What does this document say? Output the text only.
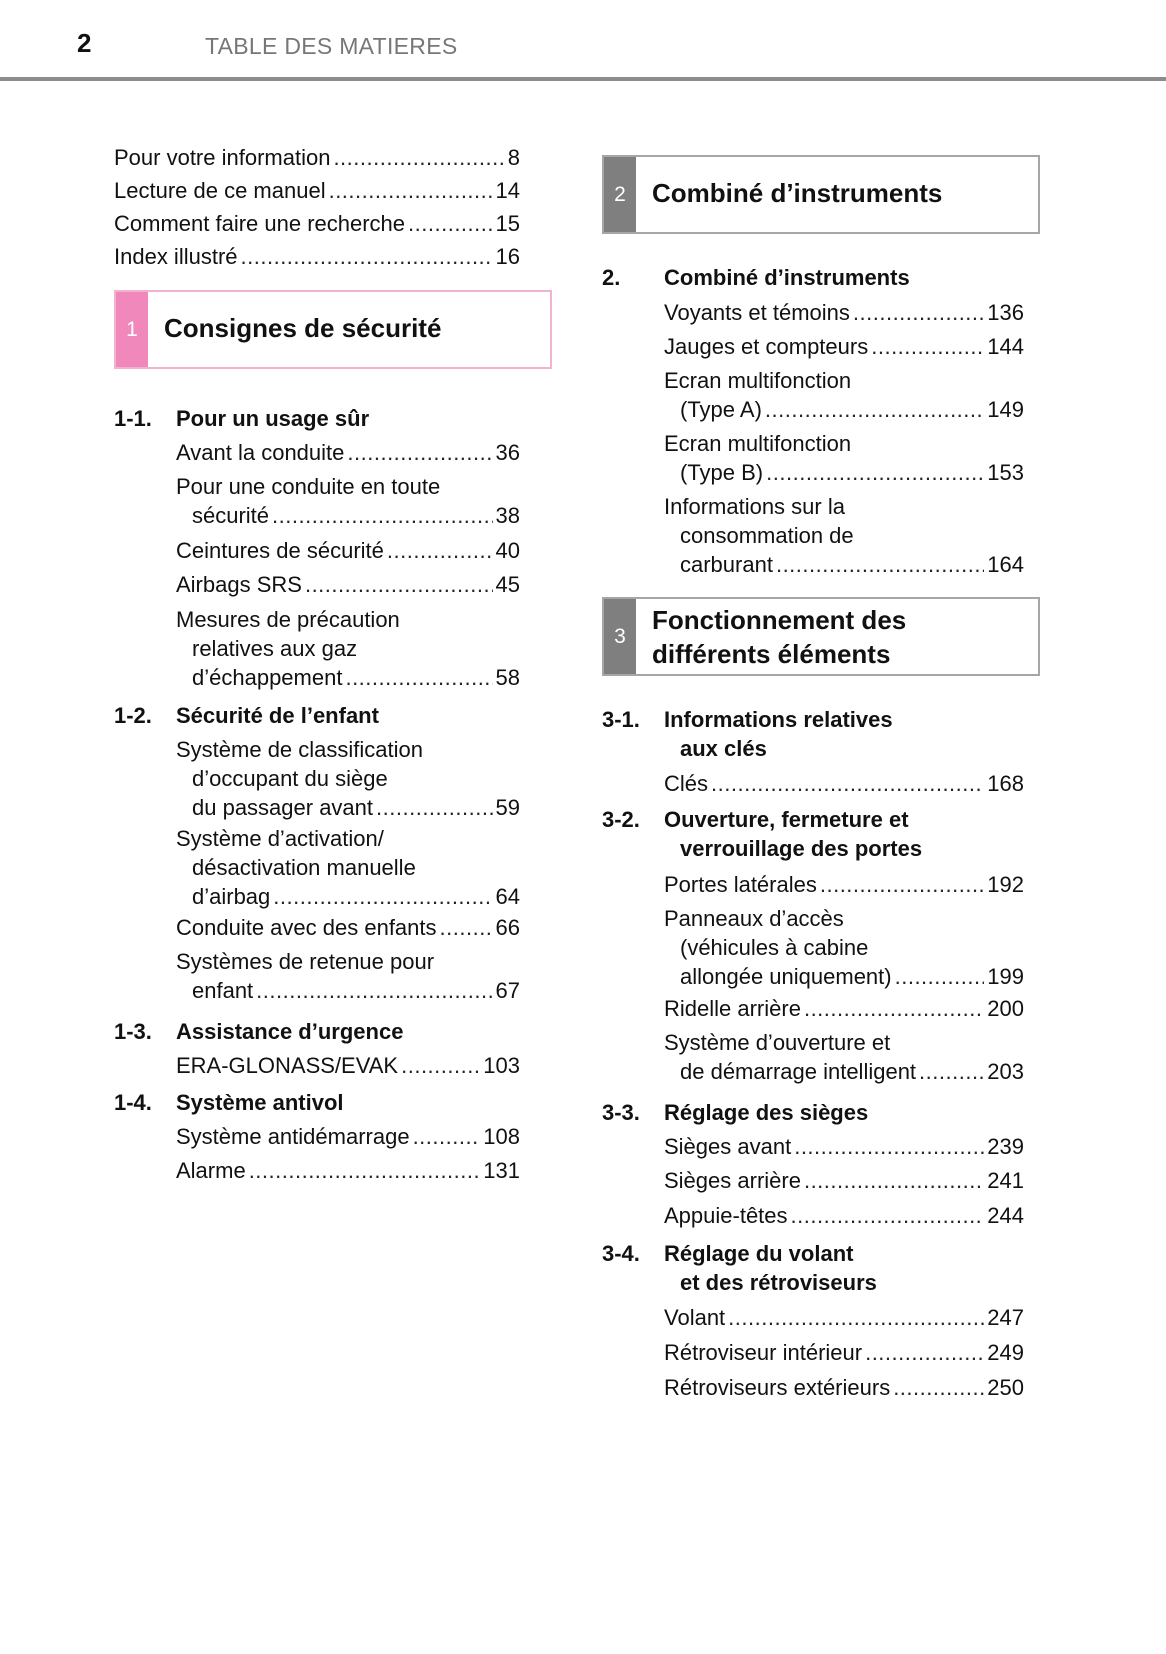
2	TABLE DES MATIERES
Pour votre information .....	8
Lecture de ce manuel .....	14
Comment faire une recherche .....	15
Index illustré .....	16
1 Consignes de sécurité
1-1. Pour un usage sûr
Avant la conduite .....	36
Pour une conduite en toute
sécurité .....	38
Ceintures de sécurité .....	40
Airbags SRS .....	45
Mesures de précaution
relatives aux gaz
d’échappement .....	58
1-2. Sécurité de l’enfant
Système de classification
d’occupant du siège
du passager avant .....	59
Système d’activation/
désactivation manuelle
d’airbag .....	64
Conduite avec des enfants .....	66
Systèmes de retenue pour
enfant .....	67
1-3. Assistance d’urgence
ERA-GLONASS/EVAK .....	103
1-4. Système antivol
Système antidémarrage .....	108
Alarme .....	131
2 Combiné d’instruments
2. Combiné d’instruments
Voyants et témoins .....	136
Jauges et compteurs .....	144
Ecran multifonction
(Type A) .....	149
Ecran multifonction
(Type B) .....	153
Informations sur la
consommation de
carburant .....	164
3
Fonctionnement des
différents éléments
3-1. Informations relatives
aux clés
Clés .....	168
3-2. Ouverture, fermeture et
verrouillage des portes
Portes latérales .....	192
Panneaux d’accès
(véhicules à cabine
allongée uniquement) .....	199
Ridelle arrière .....	200
Système d’ouverture et
de démarrage intelligent .....	203
3-3. Réglage des sièges
Sièges avant .....	239
Sièges arrière .....	241
Appuie-têtes .....	244
3-4. Réglage du volant
et des rétroviseurs
Volant .....	247
Rétroviseur intérieur .....	249
Rétroviseurs extérieurs .....	250
